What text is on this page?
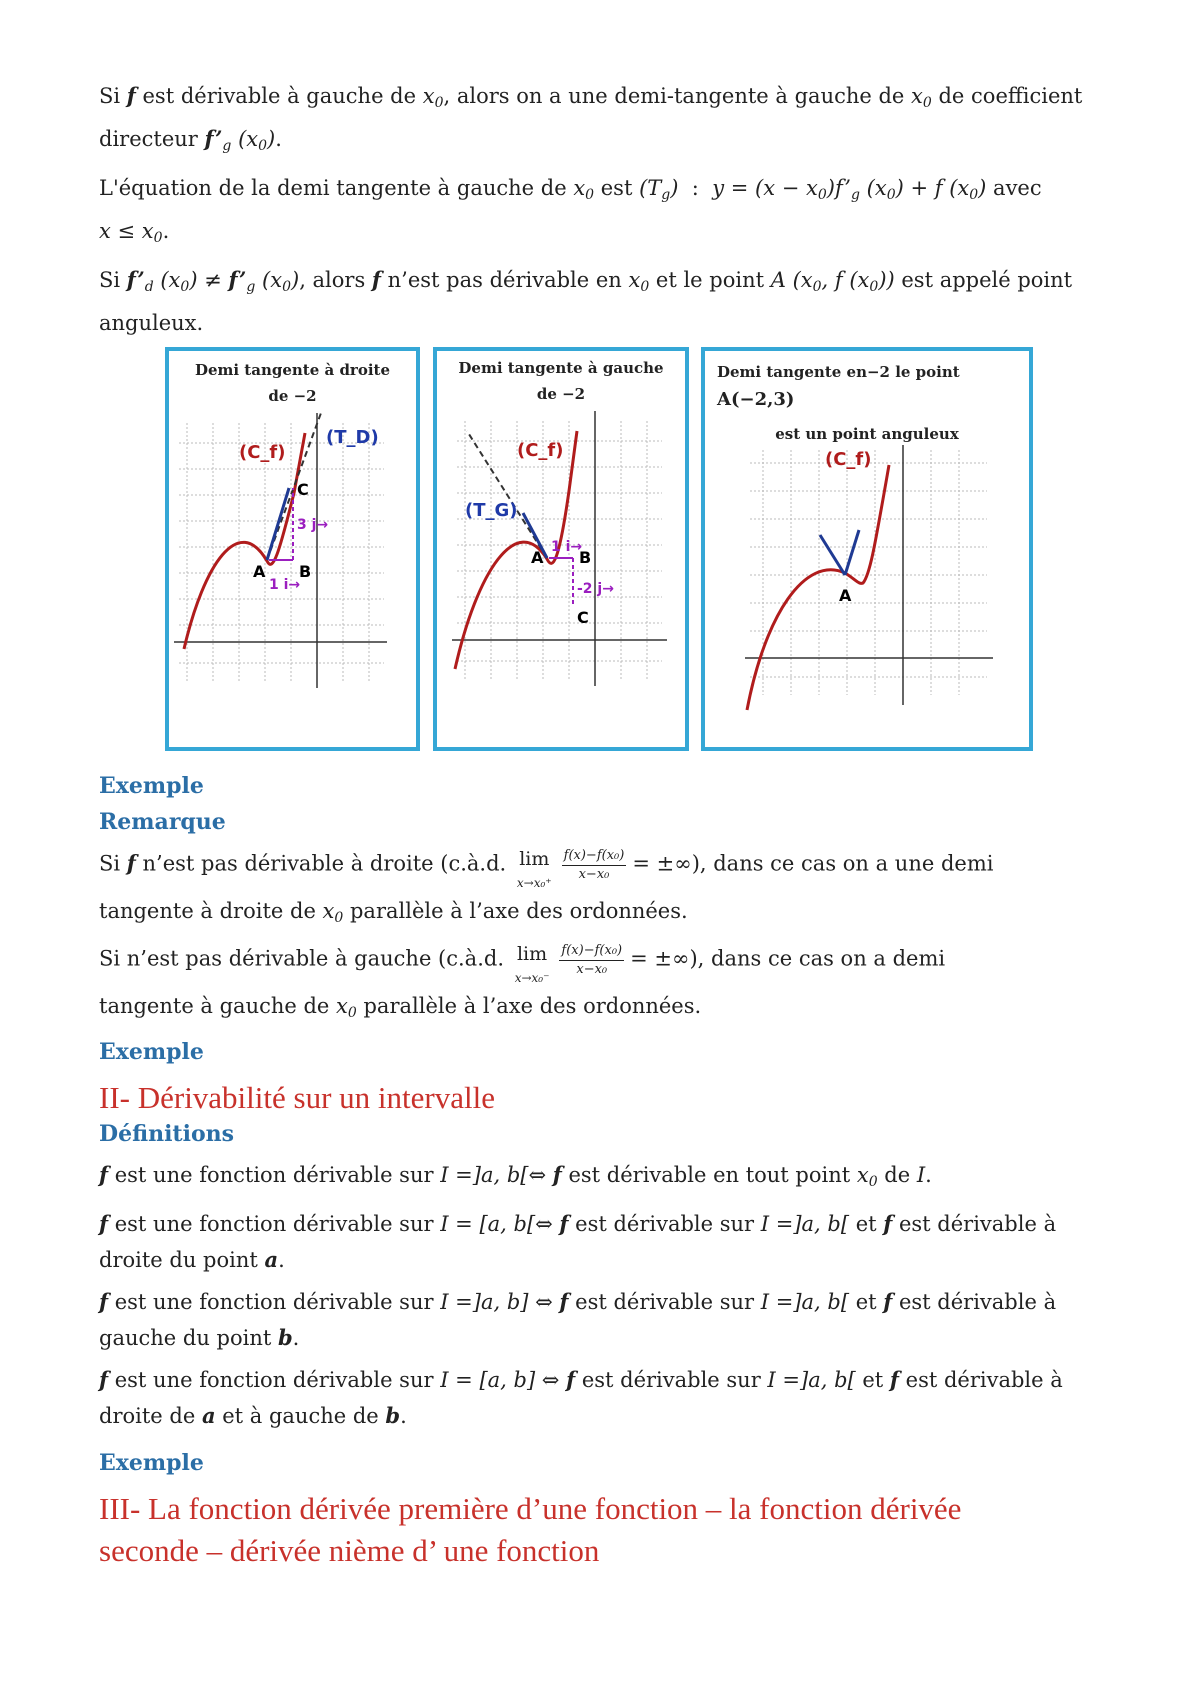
Si f est dérivable à gauche de $x_0$, alors on a une demi-tangente à gauche de $x_0$ de coefficient directeur $f’_g$ $(x_0)$.

L'équation de la demi tangente à gauche de $x_0$ est $(T_g)$  :  $y = (x - x_0)f’_g$ $(x_0) + f$ $(x_0)$ avec
$x \le x_0$.

Si $f’_d$ $(x_0)$ ≠ $f’_g$ $(x_0)$, alors f n’est pas dérivable en $x_0$ et le point A ($x_0$, f $(x_0)$) est appelé point anguleux.

Demi tangente à droite
de −2
(C_f)
(T_D)
A B
C
1 i→
3 j→
Demi tangente à gauche
de −2
(C_f)
(T_G)
A B
C
1 i→
-2 j→
Demi tangente en−2 le point
A(−2,3)
est un point anguleux
(C_f)
A
Exemple
Remarque

Si f n’est pas dérivable à droite (c.à.d. lim
$x\to x_0^+ \frac{\text{f(x)−f(x₀)}}{\text{x−x₀}}$ = ±∞), dans ce cas on a une demi

tangente à droite de $x_0$ parallèle à l’axe des ordonnées.

Si n’est pas dérivable à gauche (c.à.d. lim
$x\to x_0^- \frac{\text{f(x)−f(x₀)}}{\text{x−x₀}}$ = ±∞), dans ce cas on a demi

tangente à gauche de $x_0$ parallèle à l’axe des ordonnées.

Exemple
II- Dérivabilité sur un intervalle
Définitions

f est une fonction dérivable sur I =]a, b[⇔ f est dérivable en tout point $x_0$ de I.

f est une fonction dérivable sur I = [a, b[⇔ f est dérivable sur I =]a, b[ et f est dérivable à droite du point a.

f est une fonction dérivable sur I =]a, b] ⇔ f est dérivable sur I =]a, b[ et f est dérivable à gauche du point b.

f est une fonction dérivable sur I = [a, b] ⇔ f est dérivable sur I =]a, b[ et f est dérivable à droite de a et à gauche de b.

Exemple
III- La fonction dérivée première d’une fonction – la fonction dérivée seconde – dérivée nième d’ une fonction
